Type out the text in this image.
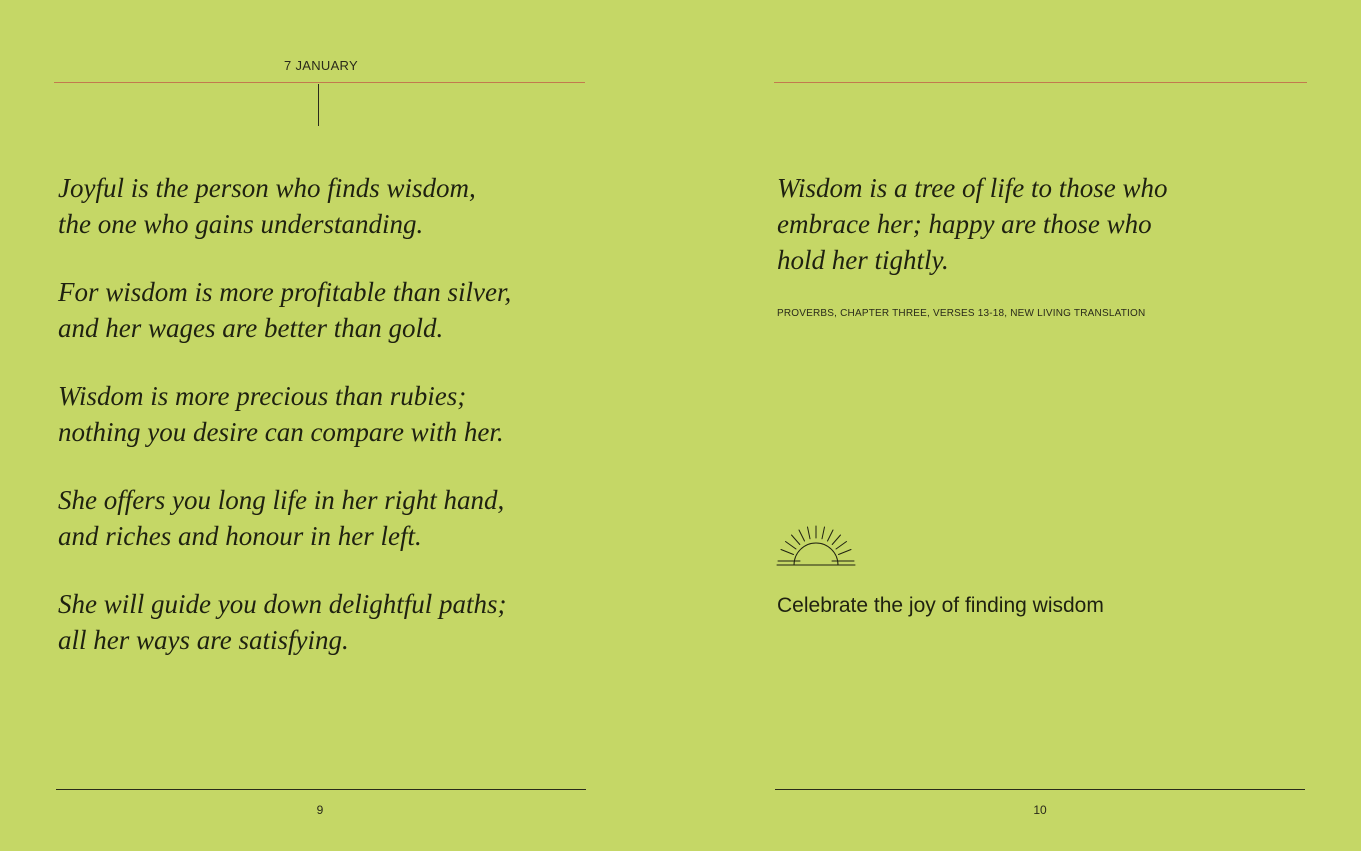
7 JANUARY

Joyful is the person who finds wisdom,
the one who gains understanding.

For wisdom is more profitable than silver,
and her wages are better than gold.

Wisdom is more precious than rubies;
nothing you desire can compare with her.

She offers you long life in her right hand,
and riches and honour in her left.

She will guide you down delightful paths;
all her ways are satisfying.

9
Wisdom is a tree of life to those who
embrace her; happy are those who
hold her tightly.
PROVERBS, CHAPTER THREE, VERSES 13-18, NEW LIVING TRANSLATION
Celebrate the joy of finding wisdom
10
